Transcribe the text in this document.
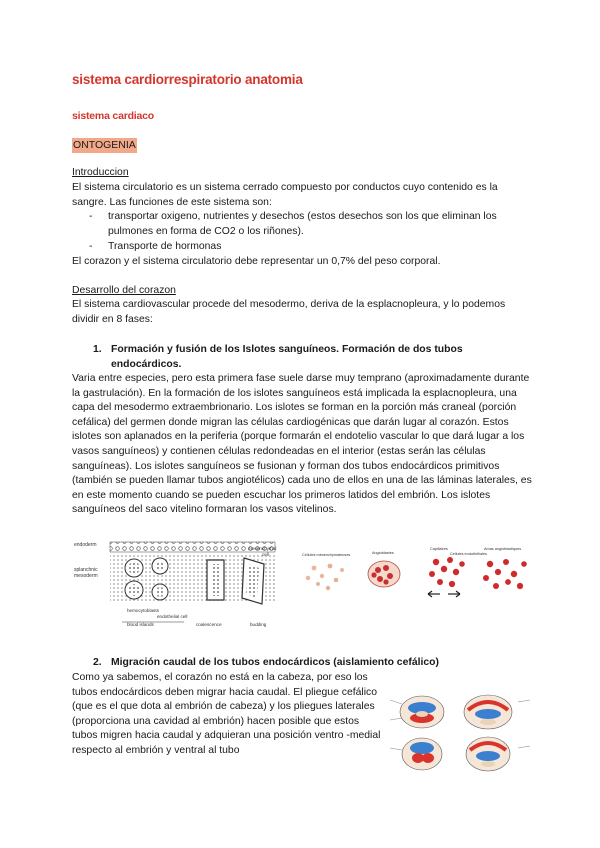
sistema cardiorrespiratorio anatomia
sistema cardiaco
ONTOGENIA
Introduccion
El sistema circulatorio es un sistema cerrado compuesto por conductos cuyo contenido es la sangre. Las funciones de este sistema son:
- transportar oxigeno, nutrientes y desechos (estos desechos son los que eliminan los pulmones en forma de CO2 o los riñones).
- Transporte de hormonas
El corazon y el sistema circulatorio debe representar un 0,7% del peso corporal.
Desarrollo del corazon
El sistema cardiovascular procede del mesodermo, deriva de la esplacnopleura, y lo podemos dividir en 8 fases:
1. Formación y fusión de los Islotes sanguíneos. Formación de dos tubos endocárdicos.
Varia entre especies, pero esta primera fase suele darse muy temprano (aproximadamente durante la gastrulación). En la formación de los islotes sanguíneos está implicada la esplacnopleura, una capa del mesodermo extraembrionario. Los islotes se forman en la porción más craneal (porción cefálica) del germen donde migran las células cardiogénicas que darán lugar al corazón. Estos islotes son aplanados en la periferia (porque formarán el endotelio vascular lo que dará lugar a los vasos sanguíneos) y contienen células redondeadas en el interior (estas serán las células sanguíneas). Los islotes sanguíneos se fusionan y forman dos tubos endocárdicos primitivos (también se pueden llamar tubos angiotélicos) cada uno de ellos en una de las láminas laterales, es en este momento cuando se pueden escuchar los primeros latidos del embrión. Los islotes sanguíneos del saco vitelino formaran los vasos vitelinos.
endoderm
splanchnic
mesoderm
mesenchymal
cell
hemocytoblasts
endothelial cell
blood islands	coalescence	budding
Cellules mésenchymateuses	Angioblastes
Capillaires
Cellules endothéliales
Amas angioblastiques
2. Migración caudal de los tubos endocárdicos (aislamiento cefálico)
Como ya sabemos, el corazón no está en la cabeza, por eso los tubos endocárdicos deben migrar hacia caudal. El pliegue cefálico (que es el que dota al embrión de cabeza) y los pliegues laterales (proporciona una cavidad al embrión) hacen posible que estos tubos migren hacia caudal y adquieran una posición ventro -medial respecto al embrión y ventral al tubo
